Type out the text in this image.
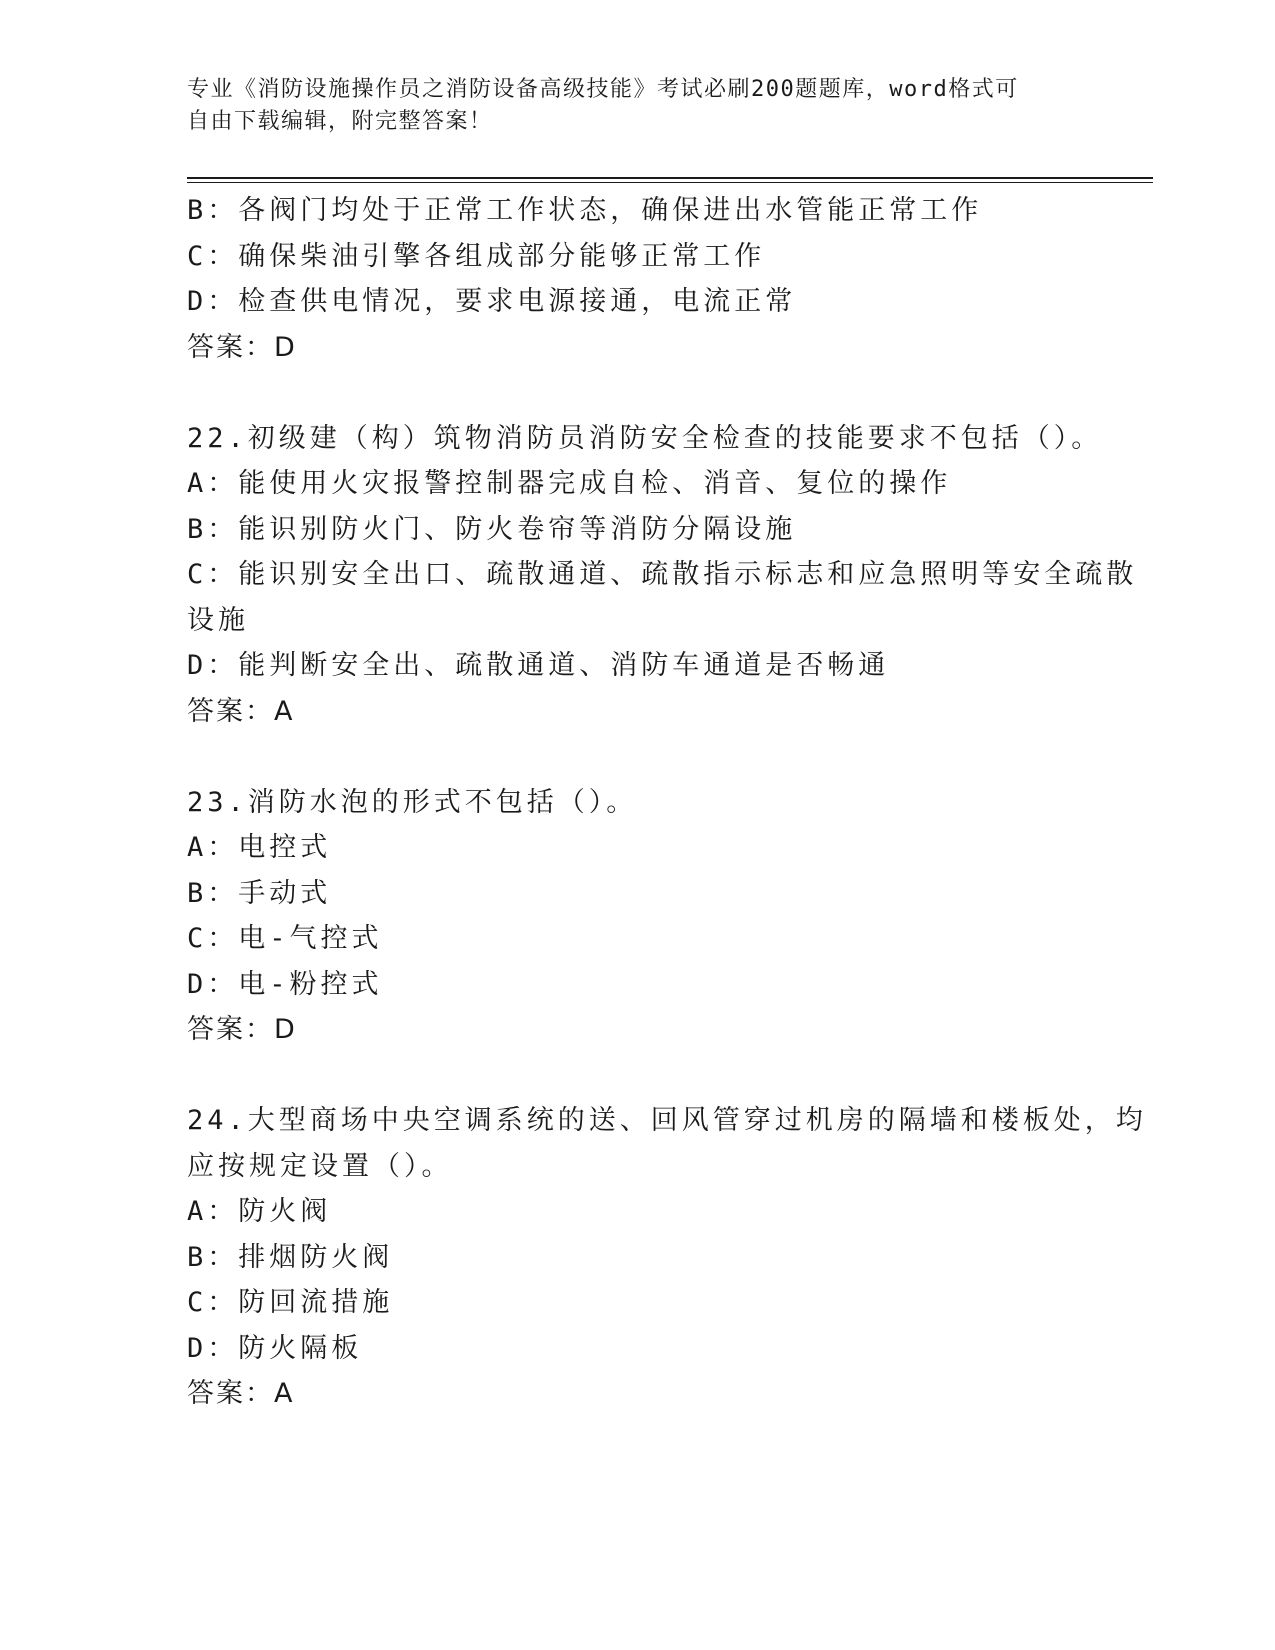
专业《消防设施操作员之消防设备高级技能》考试必刷200题题库，word格式可
自由下载编辑，附完整答案！
B：各阀门均处于正常工作状态，确保进出水管能正常工作
C：确保柴油引擎各组成部分能够正常工作
D：检查供电情况，要求电源接通，电流正常
答案：D
22.初级建（构）筑物消防员消防安全检查的技能要求不包括（）。
A：能使用火灾报警控制器完成自检、消音、复位的操作
B：能识别防火门、防火卷帘等消防分隔设施
C：能识别安全出口、疏散通道、疏散指示标志和应急照明等安全疏散
设施
D：能判断安全出、疏散通道、消防车通道是否畅通
答案：A
23.消防水泡的形式不包括（）。
A：电控式
B：手动式
C：电-气控式
D：电-粉控式
答案：D
24.大型商场中央空调系统的送、回风管穿过机房的隔墙和楼板处，均
应按规定设置（）。
A：防火阀
B：排烟防火阀
C：防回流措施
D：防火隔板
答案：A
